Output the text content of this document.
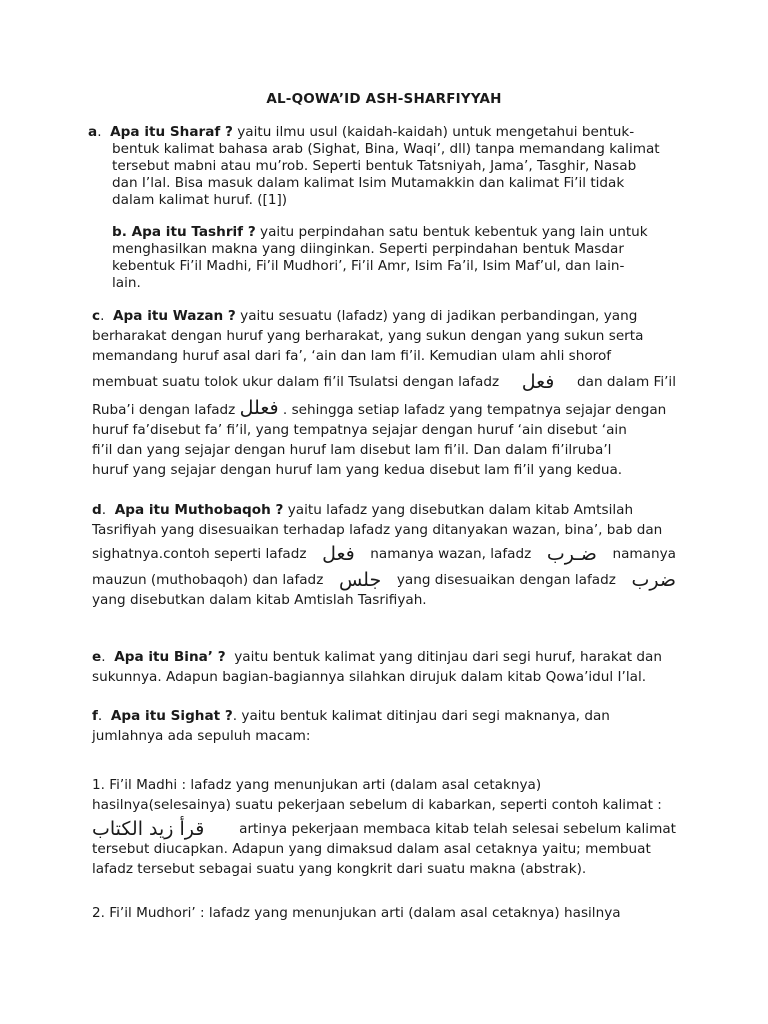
AL-QOWA’ID ASH-SHARFIYYAH
a.  Apa itu Sharaf ? yaitu ilmu usul (kaidah-kaidah) untuk mengetahui bentuk-
bentuk kalimat bahasa arab (Sighat, Bina, Waqi’, dll) tanpa memandang kalimat
tersebut mabni atau mu’rob. Seperti bentuk Tatsniyah, Jama’, Tasghir, Nasab
dan I’lal. Bisa masuk dalam kalimat Isim Mutamakkin dan kalimat Fi’il tidak
dalam kalimat huruf. ([1])
b. Apa itu Tashrif ? yaitu perpindahan satu bentuk kebentuk yang lain untuk
menghasilkan makna yang diinginkan. Seperti perpindahan bentuk Masdar
kebentuk Fi’il Madhi, Fi’il Mudhori’, Fi’il Amr, Isim Fa’il, Isim Maf’ul, dan lain-
lain.
c.  Apa itu Wazan ? yaitu sesuatu (lafadz) yang di jadikan perbandingan, yang
berharakat dengan huruf yang berharakat, yang sukun dengan yang sukun serta
memandang huruf asal dari fa’, ‘ain dan lam fi’il. Kemudian ulam ahli shorof
membuat suatu tolok ukur dalam fi’il Tsulatsi dengan lafadz فعل dan dalam Fi’il
Ruba’i dengan lafadz فعلل . sehingga setiap lafadz yang tempatnya sejajar dengan
huruf fa’disebut fa’ fi’il, yang tempatnya sejajar dengan huruf ‘ain disebut ‘ain
fi’il dan yang sejajar dengan huruf lam disebut lam fi’il. Dan dalam fi’ilruba’l
huruf yang sejajar dengan huruf lam yang kedua disebut lam fi’il yang kedua.
d.  Apa itu Muthobaqoh ? yaitu lafadz yang disebutkan dalam kitab Amtsilah
Tasrifiyah yang disesuaikan terhadap lafadz yang ditanyakan wazan, bina’, bab dan
sighatnya.contoh seperti lafadz فعل namanya wazan, lafadz ضـرب namanya
mauzun (muthobaqoh) dan lafadz جلس yang disesuaikan dengan lafadz ضرب
yang disebutkan dalam kitab Amtislah Tasrifiyah.
e.  Apa itu Bina’ ? yaitu bentuk kalimat yang ditinjau dari segi huruf, harakat dan
sukunnya. Adapun bagian-bagiannya silahkan dirujuk dalam kitab Qowa’idul I’lal.
f.  Apa itu Sighat ?. yaitu bentuk kalimat ditinjau dari segi maknanya, dan
jumlahnya ada sepuluh macam:
1. Fi’il Madhi : lafadz yang menunjukan arti (dalam asal cetaknya)
hasilnya(selesainya) suatu pekerjaan sebelum di kabarkan, seperti contoh kalimat :
قرأ زيد الكتاب	artinya pekerjaan membaca kitab telah selesai sebelum kalimat
tersebut diucapkan. Adapun yang dimaksud dalam asal cetaknya yaitu; membuat
lafadz tersebut sebagai suatu yang kongkrit dari suatu makna (abstrak).
2. Fi’il Mudhori’ : lafadz yang menunjukan arti (dalam asal cetaknya) hasilnya
